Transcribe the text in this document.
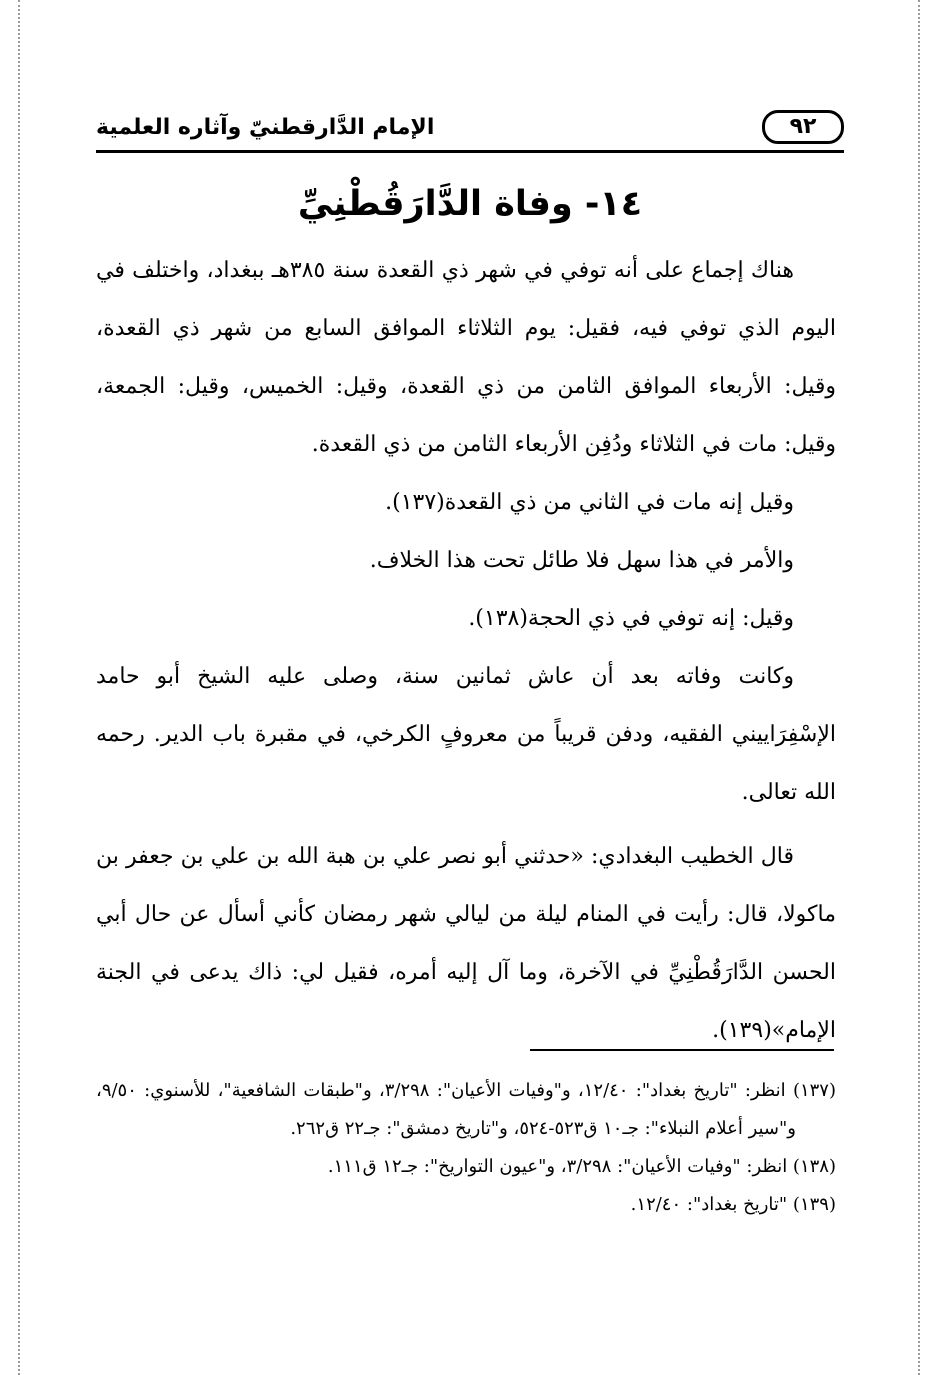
٩٢
الإمام الدَّارقطنيّ وآثاره العلمية
١٤- وفاة الدَّارَقُطْنِيِّ

هناك إجماع على أنه توفي في شهر ذي القعدة سنة ٣٨٥هـ ببغداد، واختلف في اليوم الذي توفي فيه، فقيل: يوم الثلاثاء الموافق السابع من شهر ذي القعدة، وقيل: الأربعاء الموافق الثامن من ذي القعدة، وقيل: الخميس، وقيل: الجمعة، وقيل: مات في الثلاثاء ودُفِن الأربعاء الثامن من ذي القعدة.

وقيل إنه مات في الثاني من ذي القعدة(١٣٧).

والأمر في هذا سهل فلا طائل تحت هذا الخلاف.

وقيل: إنه توفي في ذي الحجة(١٣٨).

وكانت وفاته بعد أن عاش ثمانين سنة، وصلى عليه الشيخ أبو حامد الإسْفِرَاييني الفقيه، ودفن قريباً من معروفٍ الكرخي، في مقبرة باب الدير. رحمه الله تعالى.

قال الخطيب البغدادي: «حدثني أبو نصر علي بن هبة الله بن علي بن جعفر بن ماكولا، قال: رأيت في المنام ليلة من ليالي شهر رمضان كأني أسأل عن حال أبي الحسن الدَّارَقُطْنِيِّ في الآخرة، وما آل إليه أمره، فقيل لي: ذاك يدعى في الجنة الإمام»(١٣٩).

(١٣٧) انظر: "تاريخ بغداد": ١٢/٤٠، و"وفيات الأعيان": ٣/٢٩٨، و"طبقات الشافعية"، للأسنوي: ٩/٥٠، و"سير أعلام النبلاء": جـ١٠ ق٥٢٣-٥٢٤، و"تاريخ دمشق": جـ٢٢ ق٢٦٢.

(١٣٨) انظر: "وفيات الأعيان": ٣/٢٩٨، و"عيون التواريخ": جـ١٢ ق١١١.

(١٣٩) "تاريخ بغداد": ١٢/٤٠.
